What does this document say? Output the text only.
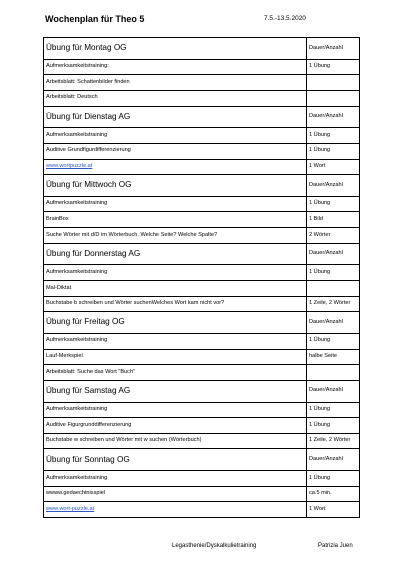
Wochenplan für Theo 5	7.5.-13.5.2020
Übung für Montag OG	Dauer/Anzahl
Aufmerksamkeitstraining:	1 Übung
Arbeitsblatt: Schattenbilder finden	
Arbeitsblatt: Deutsch	
Übung für Dienstag AG	Dauer/Anzahl
Aufmerksamkeitstraining	1 Übung
Auditive Grundfigurdifferenzierung	1 Übung
www.wortpuzzle.at	1 Wort
Übung für Mittwoch OG	Dauer/Anzahl
Aufmerksamkeitstraining	1 Übung
BrainBox	1 Bild
Suche Wörter mit d/D im Wörterbuch. Welche Seite? Welche Spalte?	2 Wörter
Übung für Donnerstag AG	Dauer/Anzahl
Aufmerksamkeitstraining	1 Übung
Mal-Diktat	
Buchstabe b schreiben und Wörter suchenWelches Wort kam nicht vor?	1 Zeile, 2 Wörter
Übung für Freitag OG	Dauer/Anzahl
Aufmerksamkeitstraining	1 Übung
Lauf-Merkspiel	halbe Seite
Arbeitsblatt: Suche das Wort "Buch"	
Übung für Samstag AG	Dauer/Anzahl
Aufmerksamkeitstraining	1 Übung
Auditive Figurgrunddifferenzierung	1 Übung
Buchstabe w schreiben und Wörter mit w suchen (Wörterbuch)	1 Zeile, 2 Wörter
Übung für Sonntag OG	Dauer/Anzahl
Aufmerksamkeitstraining	1 Übung
wwww.gedaechtnisspiel	ca.5 min.
www.wort-puzzle.at	1 Wort
Legasthenie/Dyskalkulietraining	Patrizia Juen
